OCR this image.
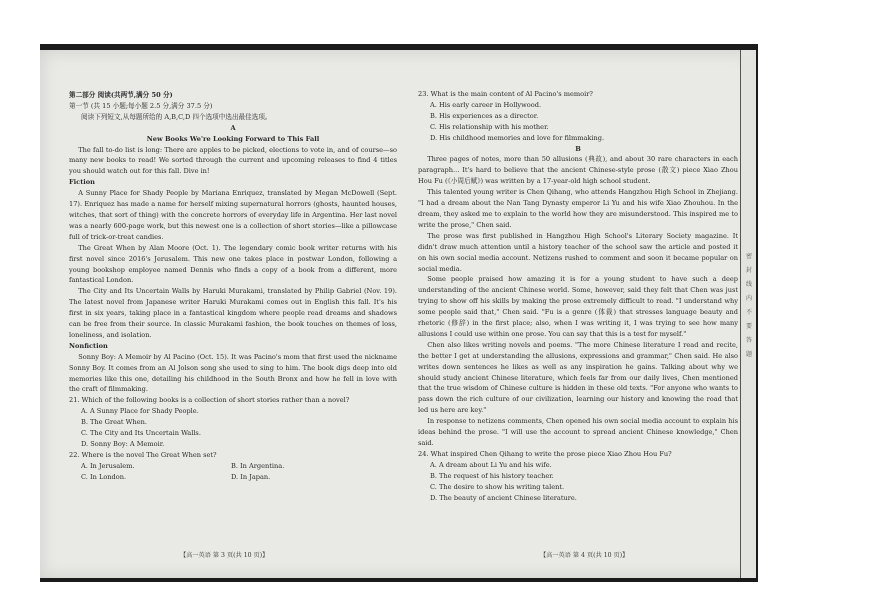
第二部分 阅读(共两节,满分 50 分)

第一节 (共 15 小题;每小题 2.5 分,满分 37.5 分)

阅读下列短文,从每题所给的 A,B,C,D 四个选项中选出最佳选项。

A

New Books We're Looking Forward to This Fall

The fall to-do list is long: There are apples to be picked, elections to vote in, and of course—so many new books to read! We sorted through the current and upcoming releases to find 4 titles you should watch out for this fall. Dive in!

Fiction

A Sunny Place for Shady People by Mariana Enriquez, translated by Megan McDowell (Sept. 17). Enriquez has made a name for herself mixing supernatural horrors (ghosts, haunted houses, witches, that sort of thing) with the concrete horrors of everyday life in Argentina. Her last novel was a nearly 600-page work, but this newest one is a collection of short stories—like a pillowcase full of trick-or-treat candies.

The Great When by Alan Moore (Oct. 1). The legendary comic book writer returns with his first novel since 2016's Jerusalem. This new one takes place in postwar London, following a young bookshop employee named Dennis who finds a copy of a book from a different, more fantastical London.

The City and Its Uncertain Walls by Haruki Murakami, translated by Philip Gabriel (Nov. 19). The latest novel from Japanese writer Haruki Murakami comes out in English this fall. It's his first in six years, taking place in a fantastical kingdom where people read dreams and shadows can be free from their source. In classic Murakami fashion, the book touches on themes of loss, loneliness, and isolation.

Nonfiction

Sonny Boy: A Memoir by Al Pacino (Oct. 15). It was Pacino's mom that first used the nickname Sonny Boy. It comes from an Al Jolson song she used to sing to him. The book digs deep into old memories like this one, detailing his childhood in the South Bronx and how he fell in love with the craft of filmmaking.

21. Which of the following books is a collection of short stories rather than a novel?

A. A Sunny Place for Shady People.

B. The Great When.

C. The City and Its Uncertain Walls.

D. Sonny Boy: A Memoir.

22. Where is the novel The Great When set?

A. In Jerusalem.	B. In Argentina.
C. In London.	D. In Japan.

23. What is the main content of Al Pacino's memoir?

A. His early career in Hollywood.

B. His experiences as a director.

C. His relationship with his mother.

D. His childhood memories and love for filmmaking.

B

Three pages of notes, more than 50 allusions (典故), and about 30 rare characters in each paragraph... It's hard to believe that the ancient Chinese-style prose (散文) piece Xiao Zhou Hou Fu (《小周后赋》) was written by a 17-year-old high school student.

This talented young writer is Chen Qihang, who attends Hangzhou High School in Zhejiang. "I had a dream about the Nan Tang Dynasty emperor Li Yu and his wife Xiao Zhouhou. In the dream, they asked me to explain to the world how they are misunderstood. This inspired me to write the prose," Chen said.

The prose was first published in Hangzhou High School's Literary Society magazine. It didn't draw much attention until a history teacher of the school saw the article and posted it on his own social media account. Netizens rushed to comment and soon it became popular on social media.

Some people praised how amazing it is for a young student to have such a deep understanding of the ancient Chinese world. Some, however, said they felt that Chen was just trying to show off his skills by making the prose extremely difficult to read. "I understand why some people said that," Chen said. "Fu is a genre (体裁) that stresses language beauty and rhetoric (修辞) in the first place; also, when I was writing it, I was trying to see how many allusions I could use within one prose. You can say that this is a test for myself."

Chen also likes writing novels and poems. "The more Chinese literature I read and recite, the better I get at understanding the allusions, expressions and grammar," Chen said. He also writes down sentences he likes as well as any inspiration he gains. Talking about why we should study ancient Chinese literature, which feels far from our daily lives, Chen mentioned that the true wisdom of Chinese culture is hidden in these old texts. "For anyone who wants to pass down the rich culture of our civilization, learning our history and knowing the road that led us here are key."

In response to netizens comments, Chen opened his own social media account to explain his ideas behind the prose. "I will use the account to spread ancient Chinese knowledge," Chen said.

24. What inspired Chen Qihang to write the prose piece Xiao Zhou Hou Fu?

A. A dream about Li Yu and his wife.

B. The request of his history teacher.

C. The desire to show his writing talent.

D. The beauty of ancient Chinese literature.

【高一英语 第 3 页(共 10 页)】	【高一英语 第 4 页(共 10 页)】
密封线内不要答题
